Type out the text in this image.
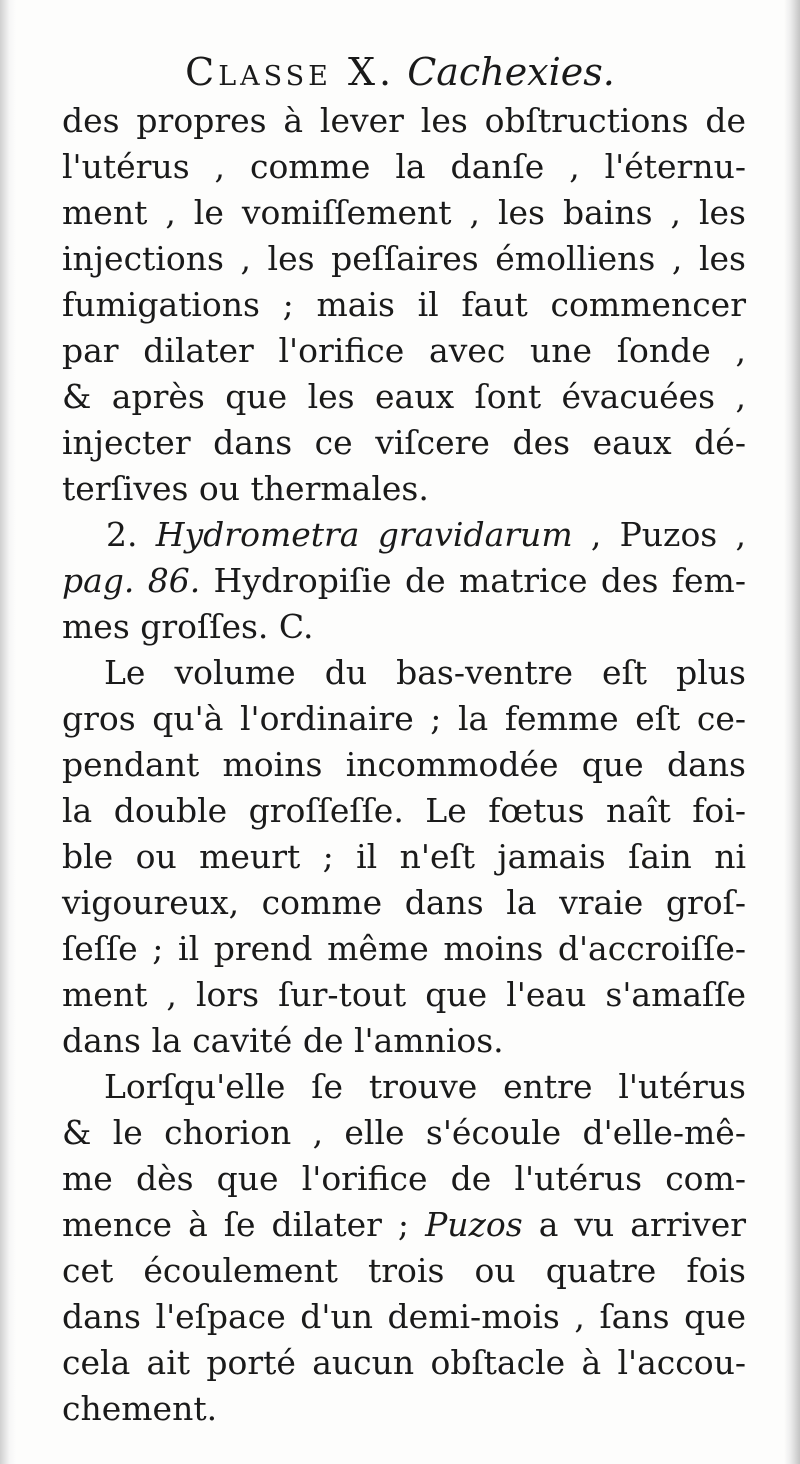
Classe X. Cachexies.
des propres à lever les obſtructions de
l'utérus , comme la danſe , l'éternu-
ment , le vomiſſement , les bains , les
injections , les peſſaires émolliens , les
fumigations ; mais il faut commencer
par dilater l'orifice avec une ſonde ,
& après que les eaux ſont évacuées ,
injecter dans ce viſcere des eaux dé-
terſives ou thermales.
2. Hydrometra gravidarum , Puzos ,
pag. 86. Hydropiſie de matrice des fem-
mes groſſes. C.
Le volume du bas-ventre eſt plus
gros qu'à l'ordinaire ; la femme eſt ce-
pendant moins incommodée que dans
la double groſſeſſe. Le fœtus naît foi-
ble ou meurt ; il n'eſt jamais ſain ni
vigoureux, comme dans la vraie groſ-
ſeſſe ; il prend même moins d'accroiſſe-
ment , lors ſur-tout que l'eau s'amaſſe
dans la cavité de l'amnios.
Lorſqu'elle ſe trouve entre l'utérus
& le chorion , elle s'écoule d'elle-mê-
me dès que l'orifice de l'utérus com-
mence à ſe dilater ; Puzos a vu arriver
cet écoulement trois ou quatre fois
dans l'eſpace d'un demi-mois , ſans que
cela ait porté aucun obſtacle à l'accou-
chement.
